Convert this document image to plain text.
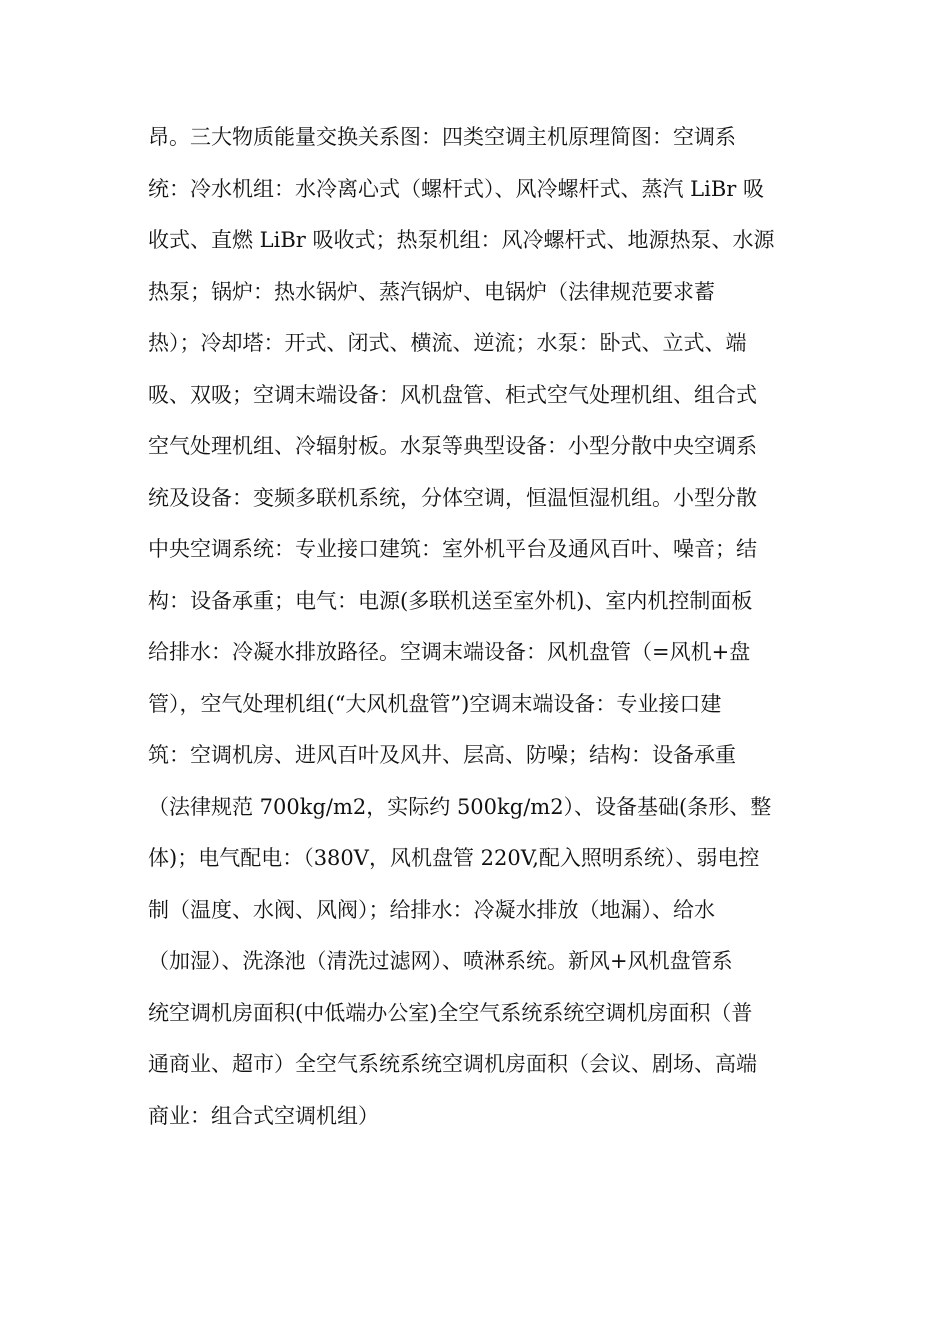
昂。三大物质能量交换关系图：四类空调主机原理简图：空调系
统：冷水机组：水冷离心式（螺杆式）、风冷螺杆式、蒸汽 LiBr 吸
收式、直燃 LiBr 吸收式；热泵机组：风冷螺杆式、地源热泵、水源
热泵；锅炉：热水锅炉、蒸汽锅炉、电锅炉（法律规范要求蓄
热）；冷却塔：开式、闭式、横流、逆流；水泵：卧式、立式、端
吸、双吸；空调末端设备：风机盘管、柜式空气处理机组、组合式
空气处理机组、冷辐射板。水泵等典型设备：小型分散中央空调系
统及设备：变频多联机系统，分体空调，恒温恒湿机组。小型分散
中央空调系统：专业接口建筑：室外机平台及通风百叶、噪音；结
构：设备承重；电气：电源(多联机送至室外机)、室内机控制面板
给排水：冷凝水排放路径。空调末端设备：风机盘管（=风机+盘
管），空气处理机组(“大风机盘管”)空调末端设备：专业接口建
筑：空调机房、进风百叶及风井、层高、防噪；结构：设备承重
（法律规范 700kg/m2，实际约 500kg/m2）、设备基础(条形、整
体)；电气配电：（380V，风机盘管 220V,配入照明系统）、弱电控
制（温度、水阀、风阀）；给排水：冷凝水排放（地漏）、给水
（加湿）、洗涤池（清洗过滤网）、喷淋系统。新风+风机盘管系
统空调机房面积(中低端办公室)全空气系统系统空调机房面积（普
通商业、超市）全空气系统系统空调机房面积（会议、剧场、高端
商业：组合式空调机组）
